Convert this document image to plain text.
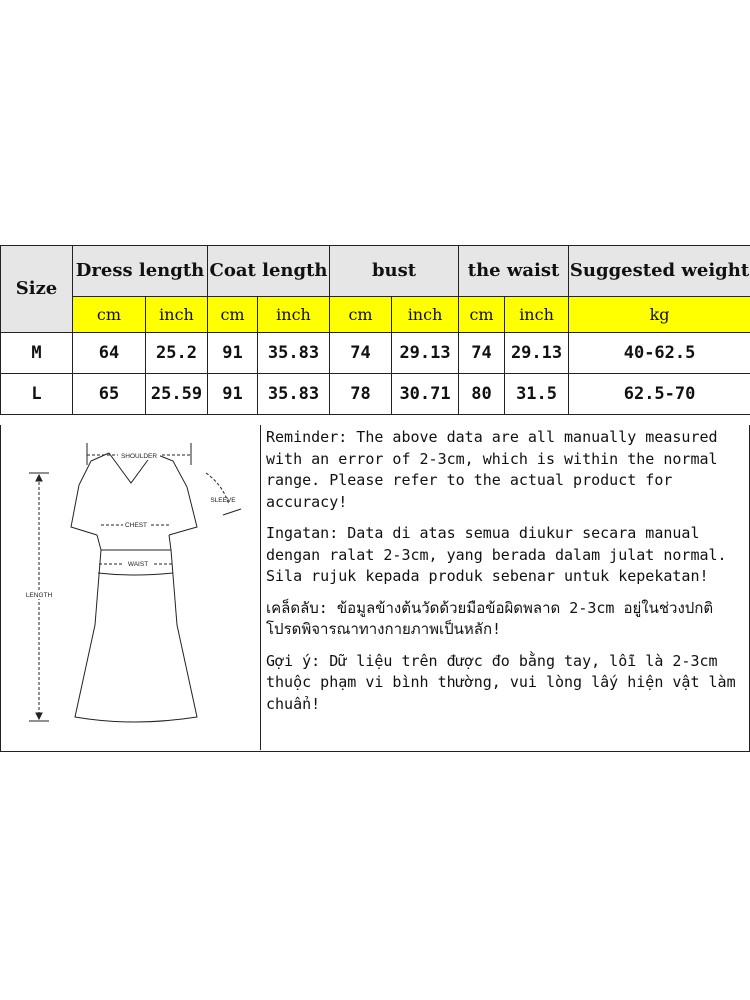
Size	Dress length		Coat length		bust		the waist		Suggested weight
	cm	inch	cm	inch	cm	inch	cm	inch	kg
M	64	25.2	91	35.83	74	29.13	74	29.13	40-62.5
L	65	25.59	91	35.83	78	30.71	80	31.5	62.5-70
SHOULDER
SLEEVE
CHEST
WAIST
LENGTH

Reminder: The above data are all manually measured with an error of 2-3cm, which is within the normal range. Please refer to the actual product for accuracy!

Ingatan: Data di atas semua diukur secara manual dengan ralat 2-3cm, yang berada dalam julat normal. Sila rujuk kepada produk sebenar untuk kepekatan!

เคล็ดลับ: ข้อมูลข้างต้นวัดด้วยมือข้อผิดพลาด 2-3cm อยู่ในช่วงปกติโปรดพิจารณาทางกายภาพเป็นหลัก!

Gợi ý: Dữ liệu trên được đo bằng tay, lỗi là 2-3cm thuộc phạm vi bình thường, vui lòng lấy hiện vật làm chuẩn!
